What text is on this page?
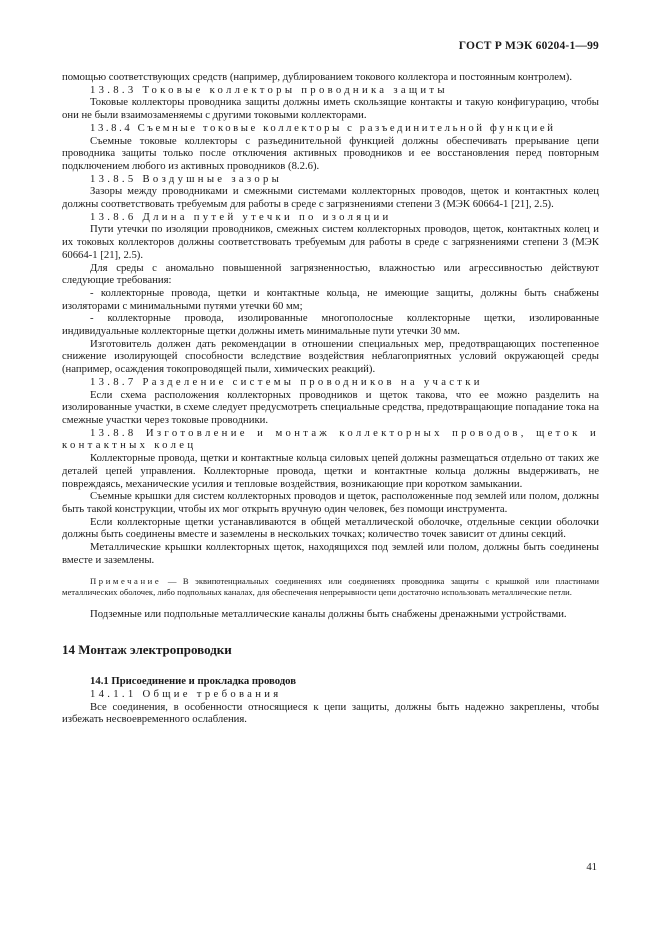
ГОСТ Р МЭК 60204-1—99

помощью соответствующих средств (например, дублированием токового коллектора и постоянным контролем).

13.8.3 Токовые коллекторы проводника защиты

Токовые коллекторы проводника защиты должны иметь скользящие контакты и такую конфигурацию, чтобы они не были взаимозаменяемы с другими токовыми коллекторами.

13.8.4 Съемные токовые коллекторы с разъединительной функцией

Съемные токовые коллекторы с разъединительной функцией должны обеспечивать прерывание цепи проводника защиты только после отключения активных проводников и ее восстановления перед повторным подключением любого из активных проводников (8.2.6).

13.8.5 Воздушные зазоры

Зазоры между проводниками и смежными системами коллекторных проводов, щеток и контактных колец должны соответствовать требуемым для работы в среде с загрязнениями степени 3 (МЭК 60664-1 [21], 2.5).

13.8.6 Длина путей утечки по изоляции

Пути утечки по изоляции проводников, смежных систем коллекторных проводов, щеток, контактных колец и их токовых коллекторов должны соответствовать требуемым для работы в среде с загрязнениями степени 3 (МЭК 60664-1 [21], 2.5).

Для среды с аномально повышенной загрязненностью, влажностью или агрессивностью действуют следующие требования:

- коллекторные провода, щетки и контактные кольца, не имеющие защиты, должны быть снабжены изоляторами с минимальными путями утечки 60 мм;

- коллекторные провода, изолированные многополосные коллекторные щетки, изолированные индивидуальные коллекторные щетки должны иметь минимальные пути утечки 30 мм.

Изготовитель должен дать рекомендации в отношении специальных мер, предотвращающих постепенное снижение изолирующей способности вследствие воздействия неблагоприятных условий окружающей среды (например, осаждения токопроводящей пыли, химических реакций).

13.8.7 Разделение системы проводников на участки

Если схема расположения коллекторных проводников и щеток такова, что ее можно разделить на изолированные участки, в схеме следует предусмотреть специальные средства, предотвращающие попадание тока на смежные участки через токовые проводники.

13.8.8 Изготовление и монтаж коллекторных проводов, щеток и контактных колец

Коллекторные провода, щетки и контактные кольца силовых цепей должны размещаться отдельно от таких же деталей цепей управления. Коллекторные провода, щетки и контактные кольца должны выдерживать, не повреждаясь, механические усилия и тепловые воздействия, возникающие при коротком замыкании.

Съемные крышки для систем коллекторных проводов и щеток, расположенные под землей или полом, должны быть такой конструкции, чтобы их мог открыть вручную один человек, без помощи инструмента.

Если коллекторные щетки устанавливаются в общей металлической оболочке, отдельные секции оболочки должны быть соединены вместе и заземлены в нескольких точках; количество точек зависит от длины секций.

Металлические крышки коллекторных щеток, находящихся под землей или полом, должны быть соединены вместе и заземлены.

Примечание — В эквипотенциальных соединениях или соединениях проводника защиты с крышкой или пластинами металлических оболочек, либо подпольных каналах, для обеспечения непрерывности цепи достаточно использовать металлические петли.

Подземные или подпольные металлические каналы должны быть снабжены дренажными устройствами.

14 Монтаж электропроводки

14.1 Присоединение и прокладка проводов

14.1.1 Общие требования

Все соединения, в особенности относящиеся к цепи защиты, должны быть надежно закреплены, чтобы избежать несвоевременного ослабления.

41
